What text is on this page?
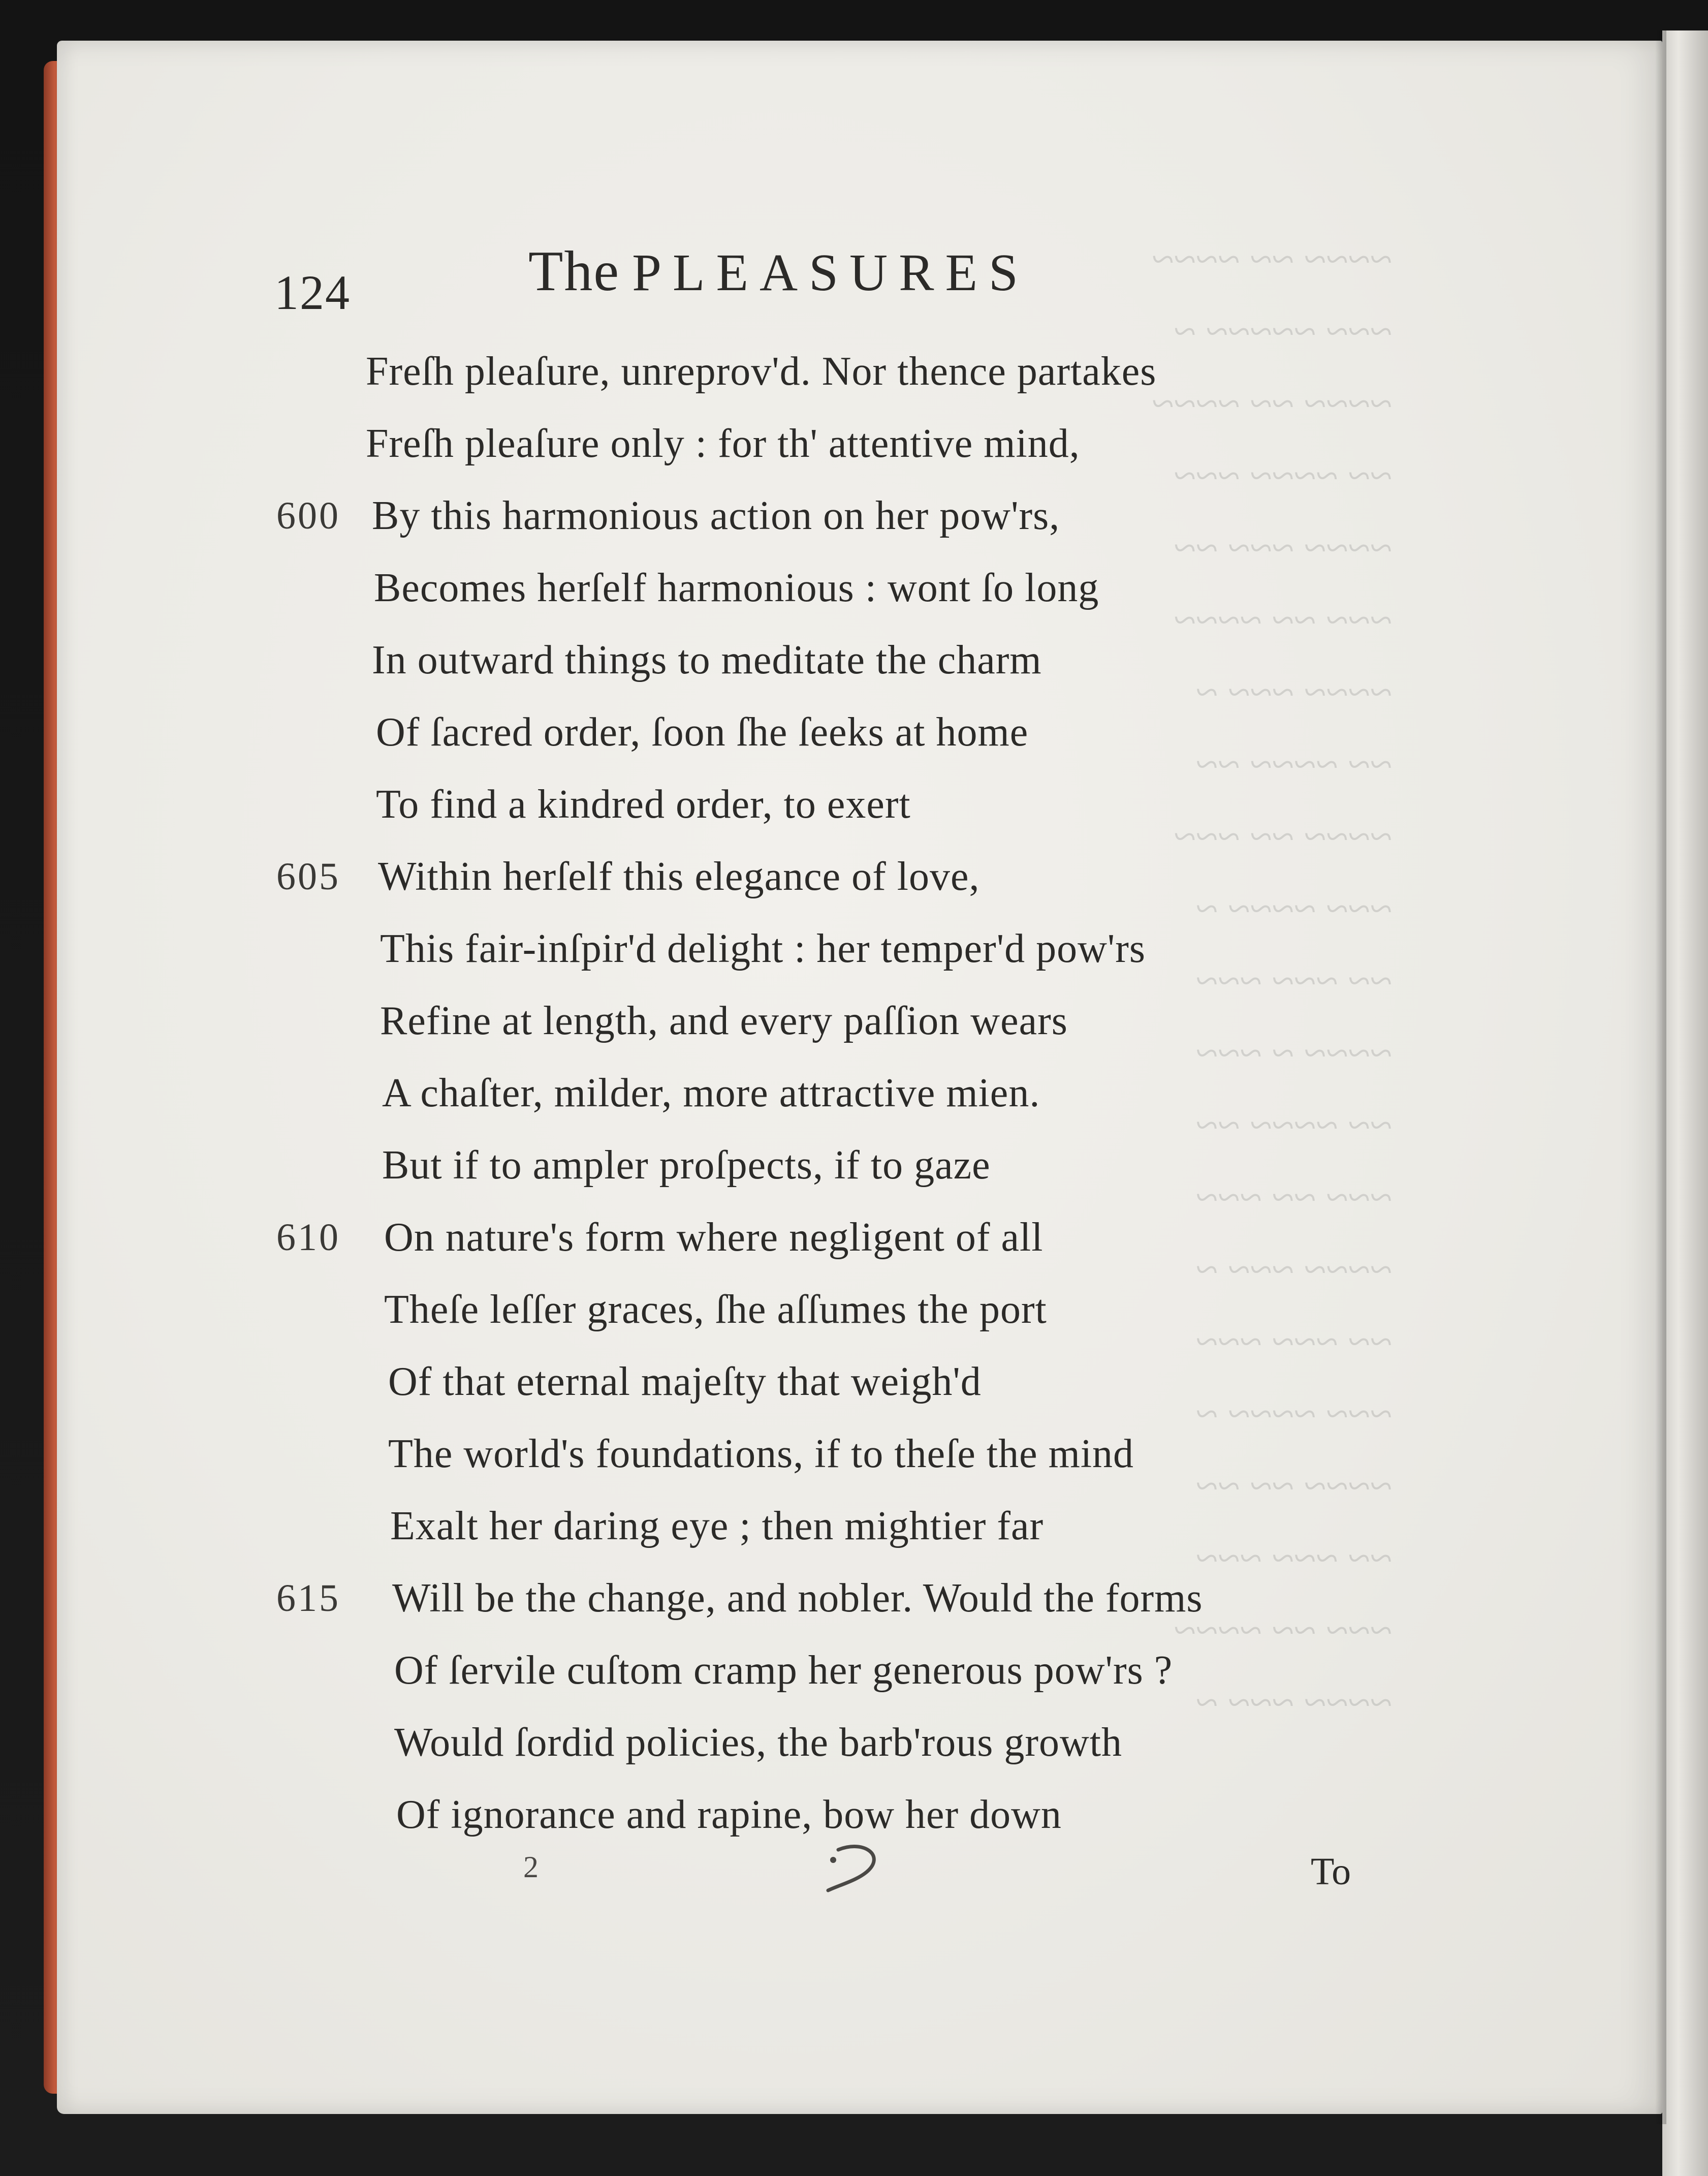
~~~~ ~~ ~~~~
~~~ ~~~~~ ~
~~~~ ~~ ~~~~
~~ ~~~~ ~~~
~~~~ ~~~ ~~
~~~ ~~ ~~~~
~~~~ ~~~ ~
~~ ~~~~ ~~
~~~~ ~~ ~~~
~~~ ~~~~ ~
~~ ~~~ ~~~
~~~~ ~ ~~~
~~ ~~~~ ~~
~~~ ~~ ~~~
~~~~ ~~~ ~
~~ ~~~ ~~~
~~~ ~~~~ ~
~~~~ ~~ ~~
~~ ~~~ ~~~
~~~ ~~ ~~~~
~~~~ ~~~ ~
124	The PLEASURES
Freſh pleaſure, unreprov'd. Nor thence partakes
Freſh pleaſure only : for th' attentive mind,
600 By this harmonious action on her pow'rs,
Becomes herſelf harmonious : wont ſo long
In outward things to meditate the charm
Of ſacred order, ſoon ſhe ſeeks at home
To find a kindred order, to exert
605 Within herſelf this elegance of love,
This fair-inſpir'd delight : her temper'd pow'rs
Refine at length, and every paſſion wears
A chaſter, milder, more attractive mien.
But if to ampler proſpects, if to gaze
610 On nature's form where negligent of all
Theſe leſſer graces, ſhe aſſumes the port
Of that eternal majeſty that weigh'd
The world's foundations, if to theſe the mind
Exalt her daring eye ; then mightier far
615 Will be the change, and nobler. Would the forms
Of ſervile cuſtom cramp her generous pow'rs ?
Would ſordid policies, the barb'rous growth
Of ignorance and rapine, bow her down
2	To
